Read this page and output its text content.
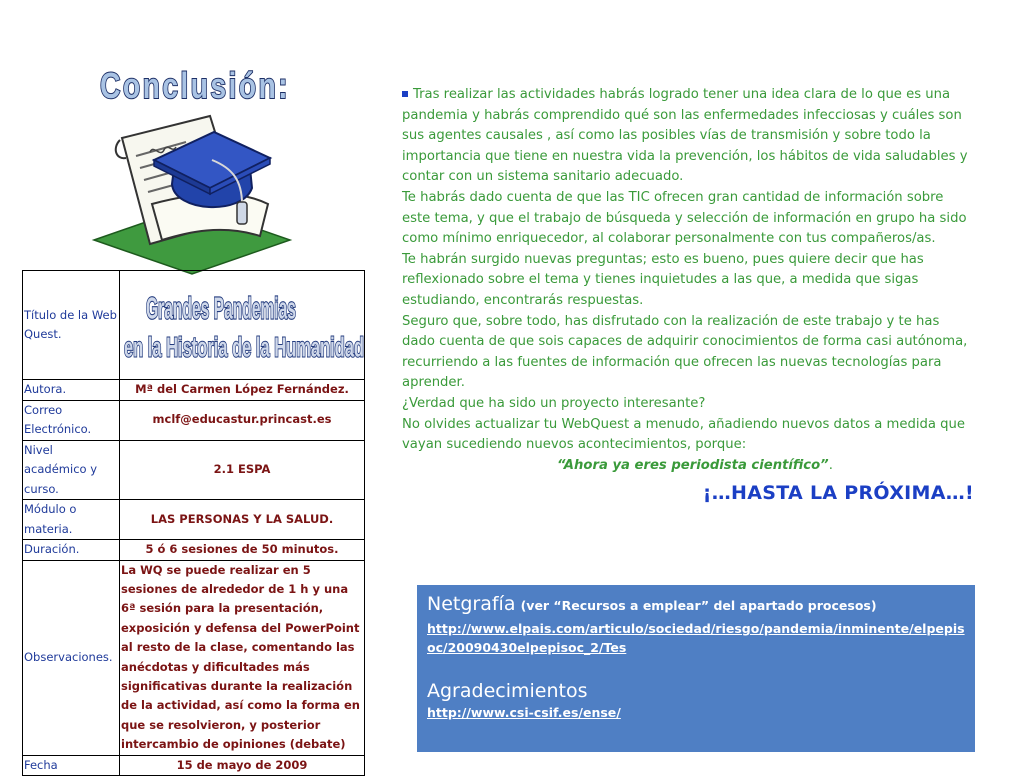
Conclusión:
Título de la Web Quest.	Grandes Pandemias
en la Historia de la Humanidad

Autora.	Mª del Carmen López Fernández.
Correo Electrónico.	mclf@educastur.princast.es
Nivel académico y curso.	2.1 ESPA
Módulo o materia.	LAS PERSONAS Y LA SALUD.
Duración.	5 ó 6 sesiones de 50 minutos.
Observaciones.	La WQ se puede realizar en 5 sesiones de alrededor de 1 h y una 6ª sesión para la presentación, exposición y defensa del PowerPoint al resto de la clase, comentando las anécdotas y dificultades más significativas durante la realización de la actividad, así como la forma en que se resolvieron, y posterior intercambio de opiniones (debate)
Fecha	15 de mayo de 2009

Tras realizar las actividades habrás logrado tener una idea clara de lo que es una pandemia y habrás comprendido qué son las enfermedades infecciosas y cuáles son sus agentes causales , así como las posibles vías de transmisión y sobre todo la importancia que tiene en nuestra vida la prevención, los hábitos de vida saludables y contar con un sistema sanitario adecuado.

Te habrás dado cuenta de que las TIC ofrecen gran cantidad de información sobre este tema, y que el trabajo de búsqueda y selección de información en grupo ha sido como mínimo enriquecedor, al colaborar personalmente con tus compañeros/as.

Te habrán surgido nuevas preguntas; esto es bueno, pues quiere decir que has reflexionado sobre el tema y tienes inquietudes a las que, a medida que sigas estudiando, encontrarás respuestas.

Seguro que, sobre todo, has disfrutado con la realización de este trabajo y te has dado cuenta de que sois capaces de adquirir conocimientos de forma casi autónoma, recurriendo a las fuentes de información que ofrecen las nuevas tecnologías para aprender.

¿Verdad que ha sido un proyecto interesante?

No olvides actualizar tu WebQuest a menudo, añadiendo nuevos datos a medida que vayan sucediendo nuevos acontecimientos, porque:

“Ahora ya eres periodista científico”.

¡…HASTA LA PRÓXIMA…!

Netgrafía (ver “Recursos a emplear” del apartado procesos)

http://www.elpais.com/articulo/sociedad/riesgo/pandemia/inminente/elpepisoc/20090430elpepisoc_2/Tes

Agradecimientos

http://www.csi-csif.es/ense/
